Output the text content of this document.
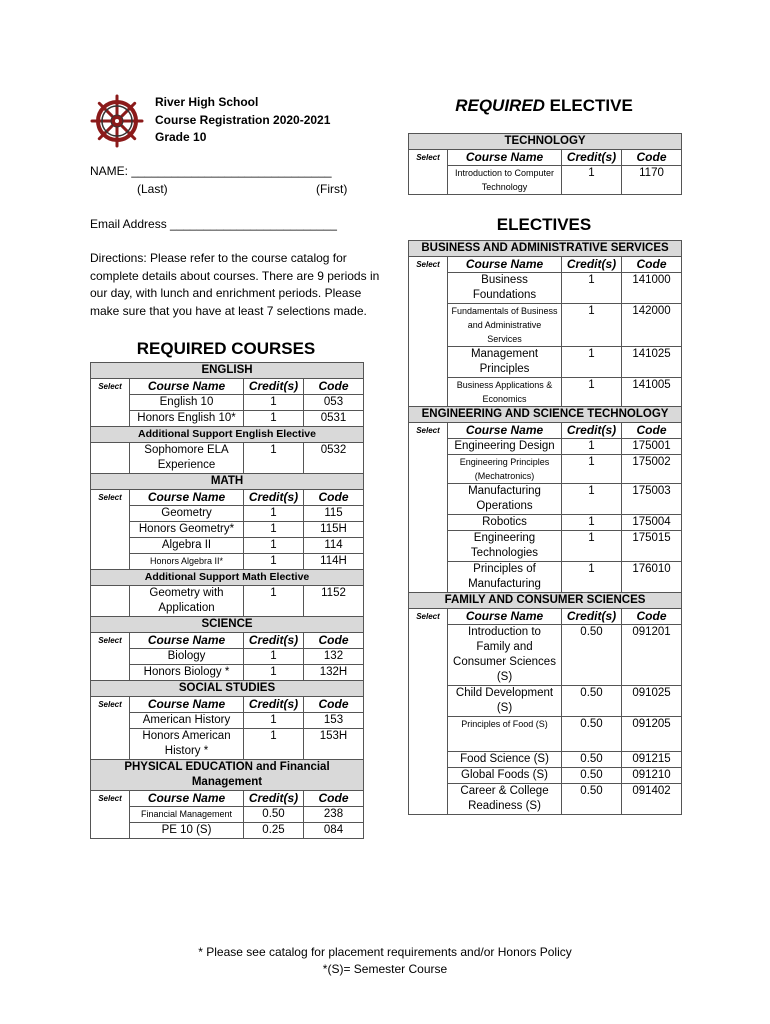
River High School
Course Registration 2020-2021
Grade 10
NAME: ______________________________
(Last)	(First)
Email Address _________________________
Directions: Please refer to the course catalog for complete details about courses. There are 9 periods in our day, with lunch and enrichment periods. Please make sure that you have at least 7 selections made.
REQUIRED COURSES
REQUIRED ELECTIVE
ELECTIVES
ENGLISH			
Select	Course Name	Credit(s)	Code
	English 10	1	053
	Honors English 10*	1	0531
Additional Support English Elective			
	Sophomore ELA Experience	1	0532
MATH			
Select	Course Name	Credit(s)	Code
	Geometry	1	115
	Honors Geometry*	1	115H
	Algebra II	1	114
	Honors Algebra II*	1	114H
Additional Support Math Elective			
	Geometry with Application	1	1152
SCIENCE			
Select	Course Name	Credit(s)	Code
	Biology	1	132
	Honors Biology *	1	132H
SOCIAL STUDIES			
Select	Course Name	Credit(s)	Code
	American History	1	153
	Honors American History *	1	153H
PHYSICAL EDUCATION and Financial Management			
Select	Course Name	Credit(s)	Code
	Financial Management	0.50	238
	PE 10 (S)	0.25	084
TECHNOLOGY			
Select	Course Name	Credit(s)	Code
	Introduction to Computer Technology	1	1170
BUSINESS AND ADMINISTRATIVE SERVICES			
Select	Course Name	Credit(s)	Code
	Business Foundations	1	141000
	Fundamentals of Business and Administrative Services	1	142000
	Management Principles	1	141025
	Business Applications & Economics	1	141005
ENGINEERING AND SCIENCE TECHNOLOGY			
Select	Course Name	Credit(s)	Code
	Engineering Design	1	175001
	Engineering Principles (Mechatronics)	1	175002
	Manufacturing Operations	1	175003
	Robotics	1	175004
	Engineering Technologies	1	175015
	Principles of Manufacturing	1	176010
FAMILY AND CONSUMER SCIENCES			
Select	Course Name	Credit(s)	Code
	Introduction to Family and Consumer Sciences (S)	0.50	091201
	Child Development (S)	0.50	091025
	Principles of Food (S)	0.50	091205
	Food Science (S)	0.50	091215
	Global Foods (S)	0.50	091210
	Career & College Readiness (S)	0.50	091402
* Please see catalog for placement requirements and/or Honors Policy
*(S)= Semester Course
